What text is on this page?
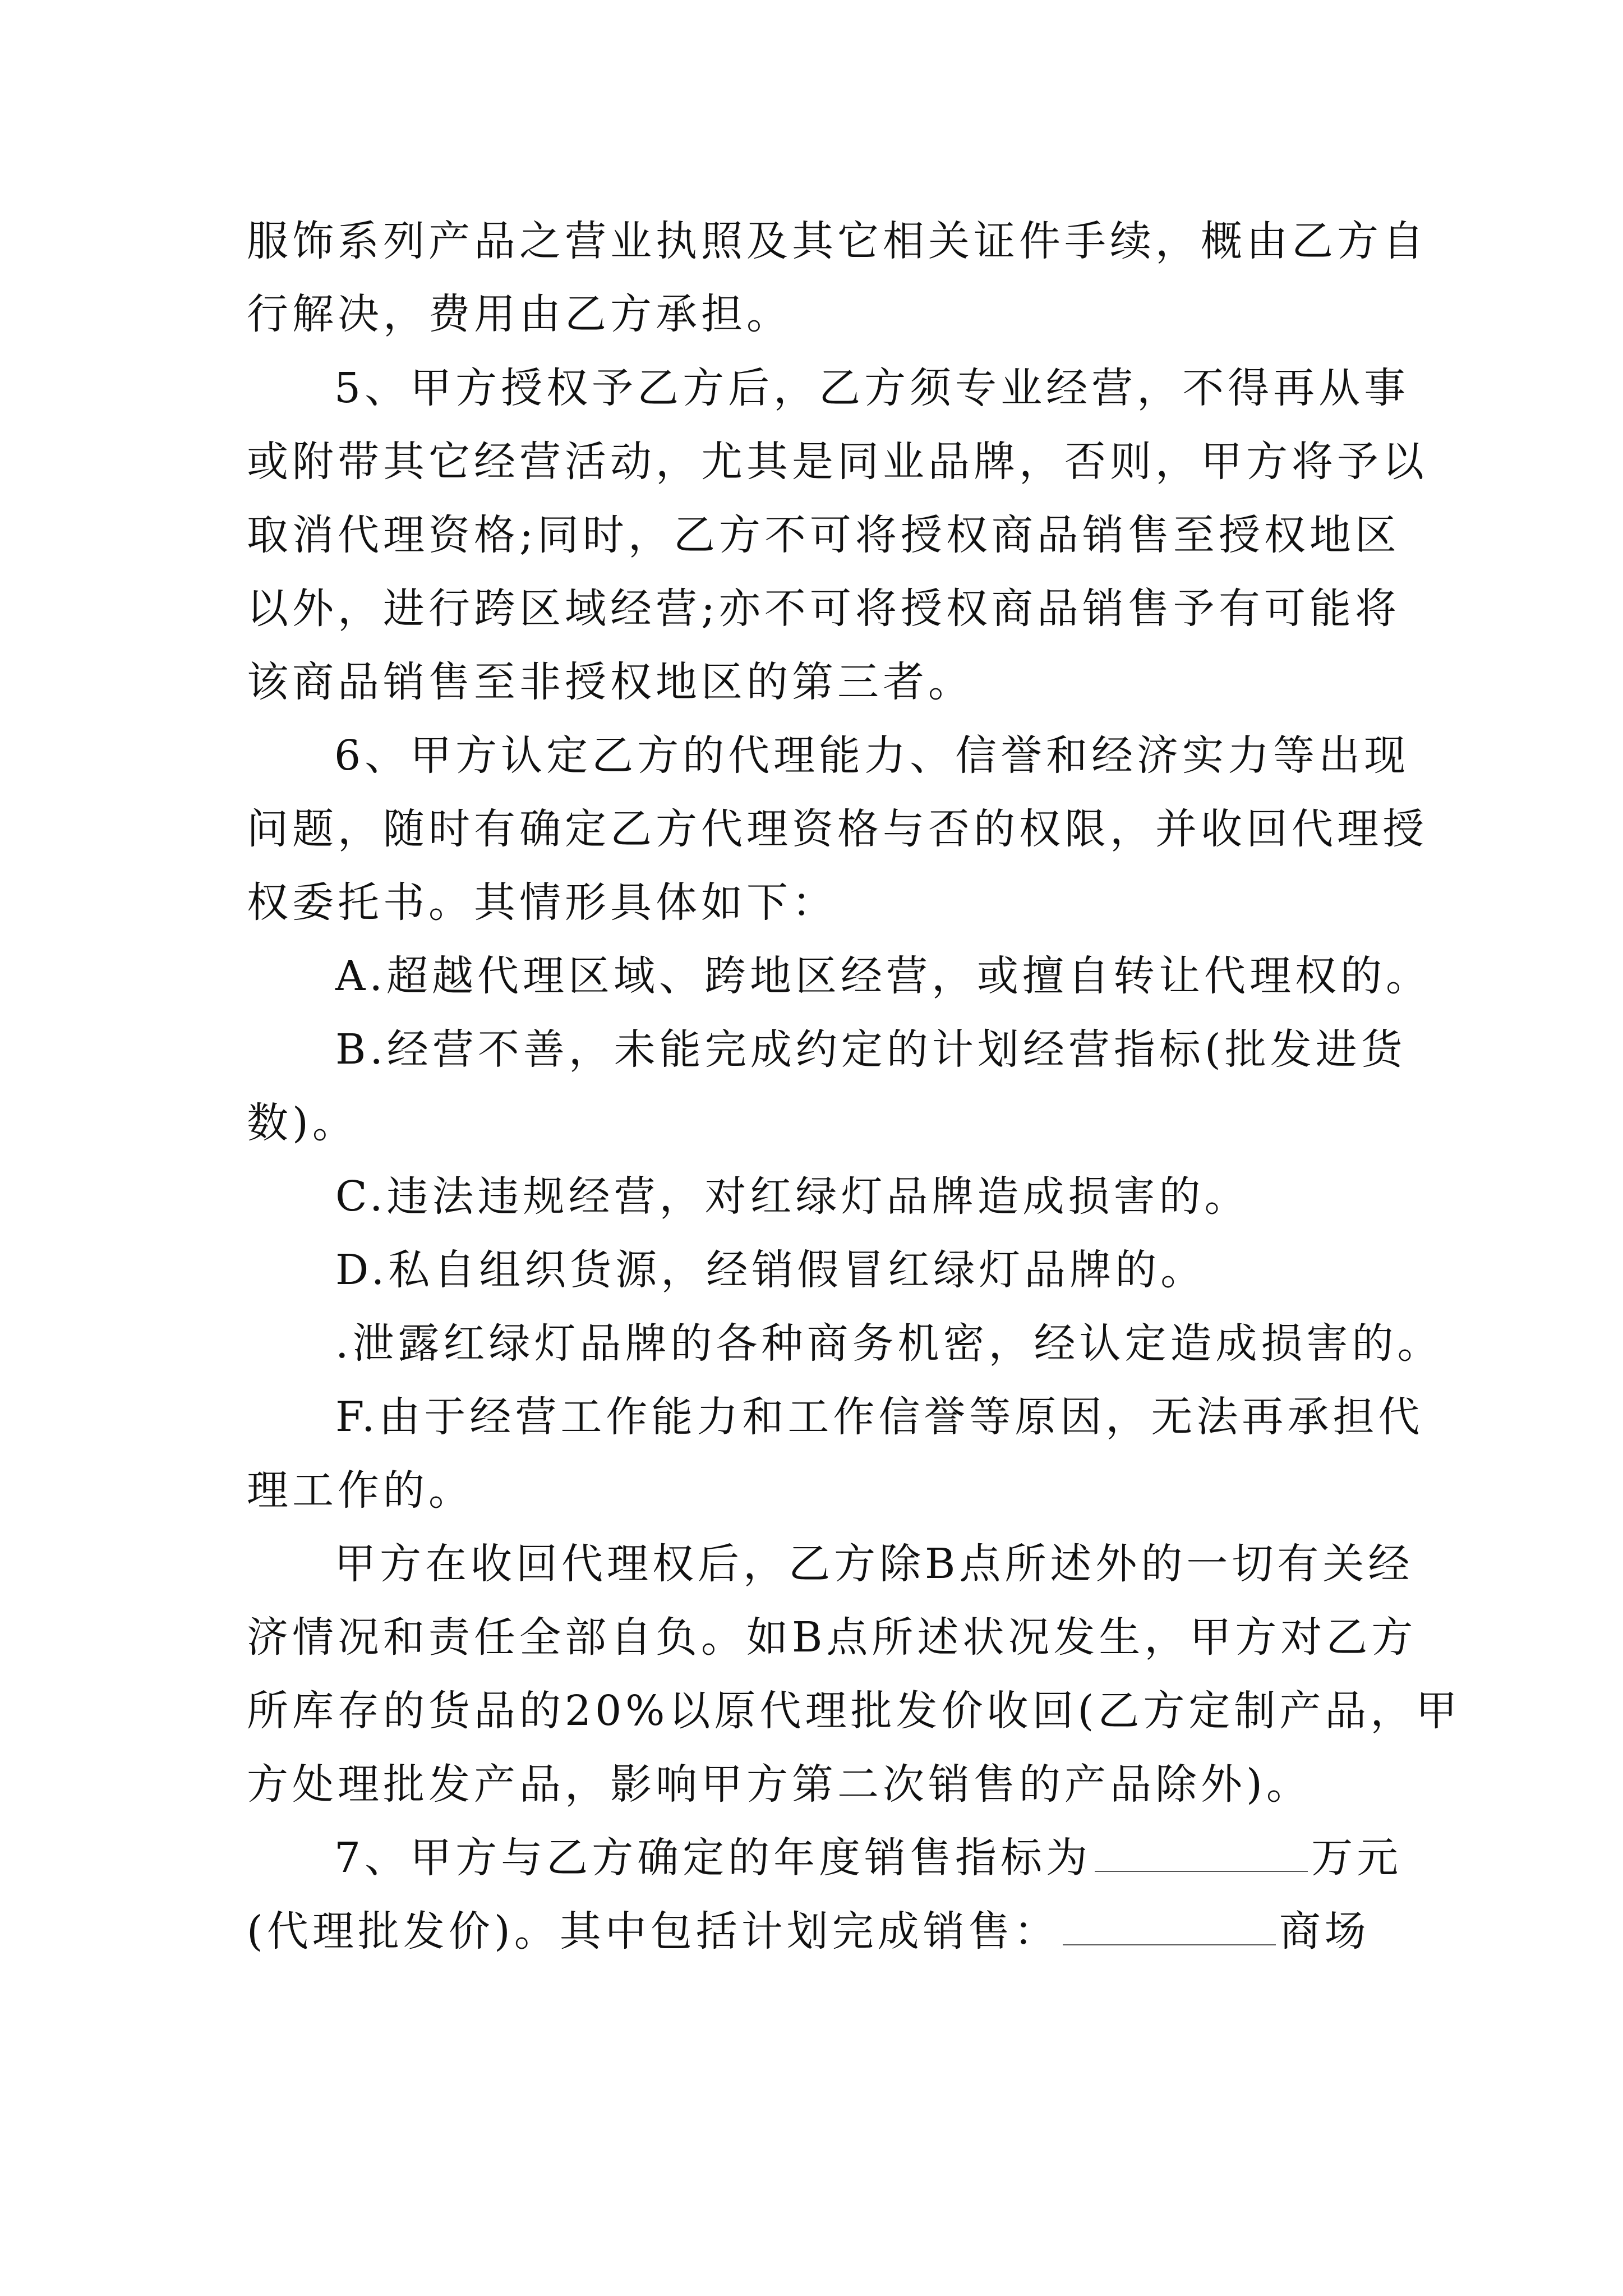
服饰系列产品之营业执照及其它相关证件手续，概由乙方自
行解决，费用由乙方承担。
5、甲方授权予乙方后，乙方须专业经营，不得再从事
或附带其它经营活动，尤其是同业品牌，否则，甲方将予以
取消代理资格;同时，乙方不可将授权商品销售至授权地区
以外，进行跨区域经营;亦不可将授权商品销售予有可能将
该商品销售至非授权地区的第三者。
6、甲方认定乙方的代理能力、信誉和经济实力等出现
问题，随时有确定乙方代理资格与否的权限，并收回代理授
权委托书。其情形具体如下：
A.超越代理区域、跨地区经营，或擅自转让代理权的。
B.经营不善，未能完成约定的计划经营指标(批发进货
数)。
C.违法违规经营，对红绿灯品牌造成损害的。
D.私自组织货源，经销假冒红绿灯品牌的。
.泄露红绿灯品牌的各种商务机密，经认定造成损害的。
F.由于经营工作能力和工作信誉等原因，无法再承担代
理工作的。
甲方在收回代理权后，乙方除B点所述外的一切有关经
济情况和责任全部自负。如B点所述状况发生，甲方对乙方
所库存的货品的20%以原代理批发价收回(乙方定制产品，甲
方处理批发产品，影响甲方第二次销售的产品除外)。
7、甲方与乙方确定的年度销售指标为	万元
(代理批发价)。其中包括计划完成销售：	商场
